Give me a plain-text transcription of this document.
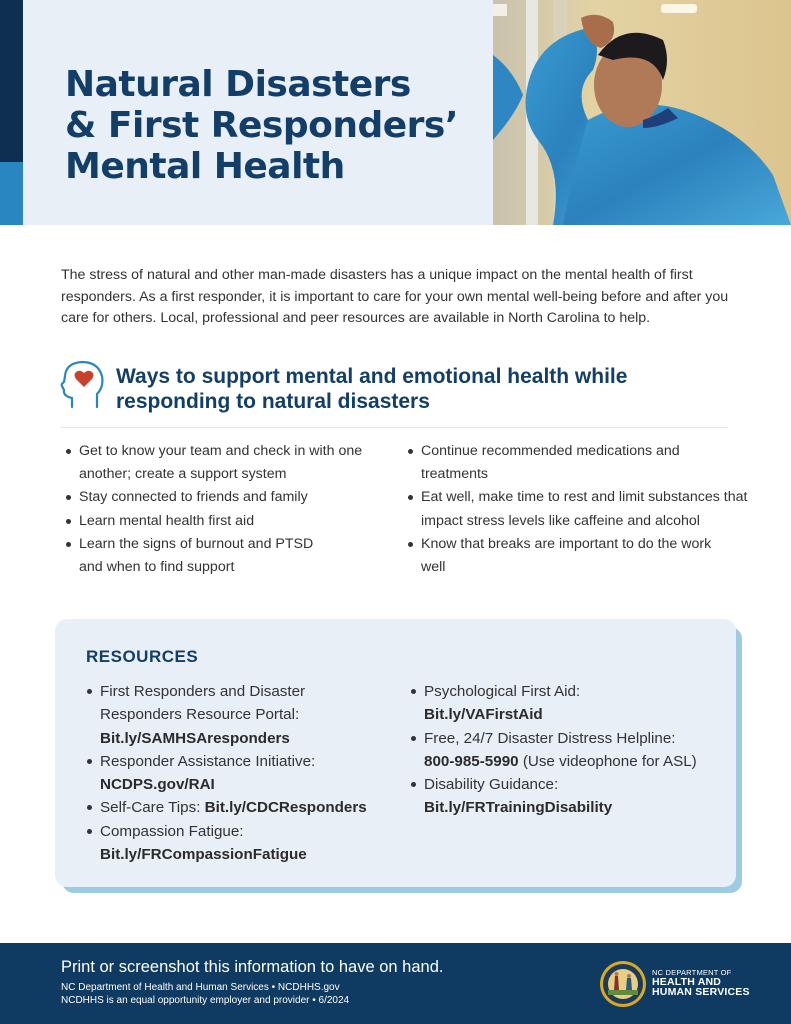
Natural Disasters
& First Responders’
Mental Health

The stress of natural and other man-made disasters has a unique impact on the mental health of first responders. As a first responder, it is important to care for your own mental well-being before and after you care for others. Local, professional and peer resources are available in North Carolina to help.

Ways to support mental and emotional health while
responding to natural disasters
Get to know your team and check in with one another; create a support system
Stay connected to friends and family
Learn mental health first aid
Learn the signs of burnout and PTSD and when to find support
Continue recommended medications and treatments
Eat well, make time to rest and limit substances that impact stress levels like caffeine and alcohol
Know that breaks are important to do the work well
RESOURCES
First Responders and Disaster Responders Resource Portal:
Bit.ly/SAMHSAresponders
Responder Assistance Initiative:
NCDPS.gov/RAI
Self-Care Tips: Bit.ly/CDCResponders
Compassion Fatigue:
Bit.ly/FRCompassionFatigue
Psychological First Aid:
Bit.ly/VAFirstAid
Free, 24/7 Disaster Distress Helpline:
800-985-5990 (Use videophone for ASL)
Disability Guidance:
Bit.ly/FRTrainingDisability
Print or screenshot this information to have on hand.
NC Department of Health and Human Services • NCDHHS.gov
NCDHHS is an equal opportunity employer and provider • 6/2024
NC DEPARTMENT OF
HEALTH AND
HUMAN SERVICES
